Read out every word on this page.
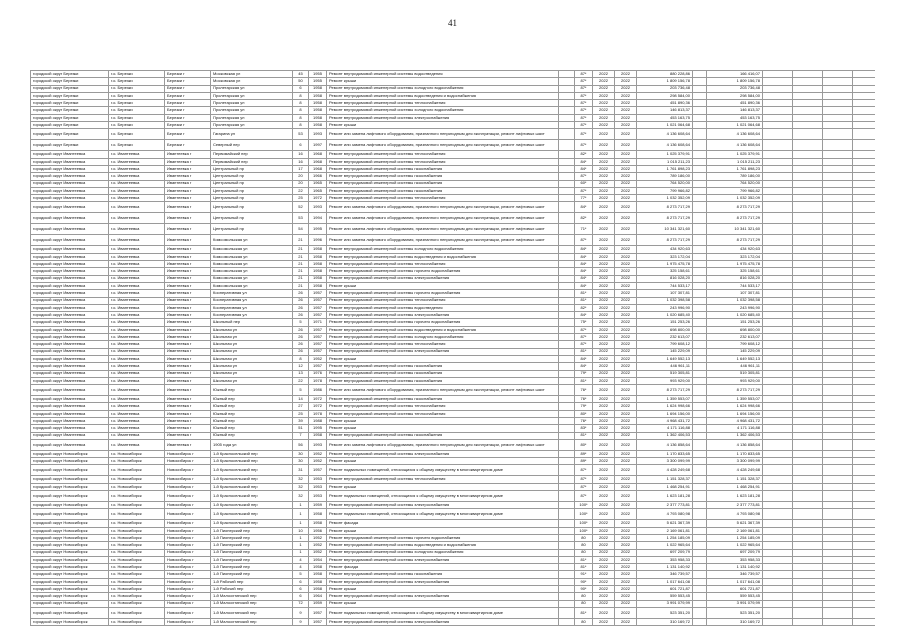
41
городской округ Березки	г.о. Березки	Березки г	Московская ул	45	1955	Ремонт внутридомовой инженерной системы водоотведения		87*	2022	2022	880 228,86		166 416,07				
городской округ Березки	г.о. Березки	Березки г	Московская ул	50	1955	Ремонт крыши		87*	2022	2022	1 809 156,78		1 809 156,78				
городской округ Березки	г.о. Березки	Березки г	Пролетарская ул	6	1958	Ремонт внутридомовой инженерной системы холодного водоснабжения		87*	2022	2022	203 736,48		203 736,48				
городской округ Березки	г.о. Березки	Березки г	Пролетарская ул	8	1958	Ремонт внутридомовой инженерной системы водоотведения и водоснабжения		87*	2022	2022	298 584,00		298 584,00				
городской округ Березки	г.о. Березки	Березки г	Пролетарская ул	8	1958	Ремонт внутридомовой инженерной системы теплоснабжения		87*	2022	2022	451 890,36		451 890,36				
городской округ Березки	г.о. Березки	Березки г	Пролетарская ул	8	1958	Ремонт внутридомовой инженерной системы холодного водоснабжения		87*	2022	2022	146 813,37		146 813,37				
городской округ Березки	г.о. Березки	Березки г	Пролетарская ул	8	1958	Ремонт внутридомовой инженерной системы электроснабжения		87*	2022	2022	453 163,75		453 163,75				
городской округ Березки	г.о. Березки	Березки г	Пролетарская ул	8	1958	Ремонт крыши		87*	2022	2022	1 021 064,68		1 021 064,68				
городской округ Березки	г.о. Березки	Березки г	Гагарина ул	53	1993	Ремонт или замена лифтового оборудования, признанного непригодным для эксплуатации, ремонт лифтовых шахт		87*	2022	2022	4 136 608,64		4 136 608,64				
городской округ Березки	г.о. Березки	Березки г	Северный пер	6	1997	Ремонт или замена лифтового оборудования, признанного непригодным для эксплуатации, ремонт лифтовых шахт		87*	2022	2022	4 136 608,64		4 136 608,64				
городской округ Ивантеевка	г.о. Ивантеевка	Ивантеевка г	Первомайский пер	16	1968	Ремонт внутридомовой инженерной системы теплоснабжения		82*	2022	2022	1 025 379,91		1 025 379,91				
городской округ Ивантеевка	г.о. Ивантеевка	Ивантеевка г	Первомайский пер	16	1968	Ремонт внутридомовой инженерной системы теплоснабжения		84*	2022	2022	1 015 211,23		1 015 211,23				
городской округ Ивантеевка	г.о. Ивантеевка	Ивантеевка г	Центральный пр	17	1968	Ремонт внутридомовой инженерной системы газоснабжения		84*	2022	2022	1 761 898,23		1 761 898,23				
городской округ Ивантеевка	г.о. Ивантеевка	Ивантеевка г	Центральный пр	20	1966	Ремонт внутридомовой инженерной системы газоснабжения		87*	2022	2022	789 186,00		789 186,00				
городской округ Ивантеевка	г.о. Ивантеевка	Ивантеевка г	Центральный пр	20	1965	Ремонт внутридомовой инженерной системы газоснабжения		60*	2022	2022	764 520,00		764 520,00				
городской округ Ивантеевка	г.о. Ивантеевка	Ивантеевка г	Центральный пр	22	1965	Ремонт внутридомовой инженерной системы газоснабжения		87*	2022	2022	799 966,82		799 966,82				
городской округ Ивантеевка	г.о. Ивантеевка	Ивантеевка г	Центральный пр	25	1972	Ремонт внутридомовой инженерной системы теплоснабжения		77*	2022	2022	1 032 352,09		1 032 352,09				
городской округ Ивантеевка	г.о. Ивантеевка	Ивантеевка г	Центральный пр	52	1993	Ремонт или замена лифтового оборудования, признанного непригодным для эксплуатации, ремонт лифтовых шахт		84*	2022	2022	8 273 717,29		8 273 717,29				
городской округ Ивантеевка	г.о. Ивантеевка	Ивантеевка г	Центральный пр	53	1994	Ремонт или замена лифтового оборудования, признанного непригодным для эксплуатации, ремонт лифтовых шахт		82*	2022	2022	8 273 717,29		8 273 717,29				
городской округ Ивантеевка	г.о. Ивантеевка	Ивантеевка г	Центральный пр	54	1995	Ремонт или замена лифтового оборудования, признанного непригодным для эксплуатации, ремонт лифтовых шахт		71*	2022	2022	10 341 321,60		10 341 321,60				
городской округ Ивантеевка	г.о. Ивантеевка	Ивантеевка г	Комсомольская ул	21	1996	Ремонт или замена лифтового оборудования, признанного непригодным для эксплуатации, ремонт лифтовых шахт		87*	2022	2022	8 273 717,29		8 273 717,29				
городской округ Ивантеевка	г.о. Ивантеевка	Ивантеевка г	Комсомольская ул	21	1958	Ремонт внутридомовой инженерной системы холодного водоснабжения		84*	2022	2022	434 920,63		434 920,63				
городской округ Ивантеевка	г.о. Ивантеевка	Ивантеевка г	Комсомольская ул	21	1958	Ремонт внутридомовой инженерной системы водоотведения и водоснабжения		84*	2022	2022	323 172,04		323 172,04				
городской округ Ивантеевка	г.о. Ивантеевка	Ивантеевка г	Комсомольская ул	21	1958	Ремонт внутридомовой инженерной системы теплоснабжения		84*	2022	2022	1 975 475,78		1 975 475,78				
городской округ Ивантеевка	г.о. Ивантеевка	Ивантеевка г	Комсомольская ул	21	1958	Ремонт внутридомовой инженерной системы горячего водоснабжения		84*	2022	2022	325 158,61		325 158,61				
городской округ Ивантеевка	г.о. Ивантеевка	Ивантеевка г	Комсомольская ул	21	1958	Ремонт внутридомовой инженерной системы электроснабжения		84*	2022	2022	816 028,20		816 028,20				
городской округ Ивантеевка	г.о. Ивантеевка	Ивантеевка г	Комсомольская ул	21	1958	Ремонт крыши		84*	2022	2022	744 533,17		744 533,17				
городской округ Ивантеевка	г.о. Ивантеевка	Ивантеевка г	Кооперативная ул	26	1957	Ремонт внутридомовой инженерной системы горячего водоснабжения		81*	2022	2022	107 307,81		107 307,81				
городской округ Ивантеевка	г.о. Ивантеевка	Ивантеевка г	Кооперативная ул	26	1957	Ремонт внутридомовой инженерной системы теплоснабжения		81*	2022	2022	1 032 398,58		1 032 398,58				
городской округ Ивантеевка	г.о. Ивантеевка	Ивантеевка г	Кооперативная ул	26	1957	Ремонт внутридомовой инженерной системы водоотведения		82*	2022	2022	243 996,90		243 996,90				
городской округ Ивантеевка	г.о. Ивантеевка	Ивантеевка г	Кооперативная ул	26	1957	Ремонт внутридомовой инженерной системы электроснабжения		84*	2022	2022	1 020 685,40		1 020 685,40				
городской округ Ивантеевка	г.о. Ивантеевка	Ивантеевка г	Школьный пер	5	1971	Ремонт внутридомовой инженерной системы горячего водоснабжения		75*	2022	2022	151 253,26		151 253,26				
городской округ Ивантеевка	г.о. Ивантеевка	Ивантеевка г	Школьная ул	26	1957	Ремонт внутридомовой инженерной системы водоотведения и водоснабжения		87*	2022	2022	698 800,00		698 800,00				
городской округ Ивантеевка	г.о. Ивантеевка	Ивантеевка г	Школьная ул	26	1957	Ремонт внутридомовой инженерной системы холодного водоснабжения		87*	2022	2022	232 613,07		232 613,07				
городской округ Ивантеевка	г.о. Ивантеевка	Ивантеевка г	Школьная ул	26	1957	Ремонт внутридомовой инженерной системы теплоснабжения		87*	2022	2022	799 608,12		799 608,12				
городской округ Ивантеевка	г.о. Ивантеевка	Ивантеевка г	Школьная ул	26	1957	Ремонт внутридомовой инженерной системы электроснабжения		81*	2022	2022	145 229,09		145 229,09				
городской округ Ивантеевка	г.о. Ивантеевка	Ивантеевка г	Школьная ул	8	1952	Ремонт крыши		84*	2022	2022	1 649 552,13		1 649 552,13				
городской округ Ивантеевка	г.о. Ивантеевка	Ивантеевка г	Школьная ул	12	1957	Ремонт внутридомовой инженерной системы газоснабжения		84*	2022	2022	446 961,11		446 961,11				
городской округ Ивантеевка	г.о. Ивантеевка	Ивантеевка г	Школьная ул	13	1976	Ремонт внутридомовой инженерной системы газоснабжения		79*	2022	2022	519 305,81		519 305,81				
городской округ Ивантеевка	г.о. Ивантеевка	Ивантеевка г	Школьная ул	22	1978	Ремонт внутридомовой инженерной системы газоснабжения		81*	2022	2022	993 929,00		993 929,00				
городской округ Ивантеевка	г.о. Ивантеевка	Ивантеевка г	Южный пер	5	1986	Ремонт или замена лифтового оборудования, признанного непригодным для эксплуатации, ремонт лифтовых шахт		76*	2022	2022	8 273 717,29		8 273 717,29				
городской округ Ивантеевка	г.о. Ивантеевка	Ивантеевка г	Южный пер	14	1972	Ремонт внутридомовой инженерной системы газоснабжения		76*	2022	2022	1 359 553,07		1 359 553,07				
городской округ Ивантеевка	г.о. Ивантеевка	Ивантеевка г	Южный пер	27	1972	Ремонт внутридомовой инженерной системы теплоснабжения		79*	2022	2022	1 624 998,66		1 624 998,66				
городской округ Ивантеевка	г.о. Ивантеевка	Ивантеевка г	Южный пер	25	1978	Ремонт внутридомовой инженерной системы теплоснабжения		80*	2022	2022	1 694 156,00		1 694 156,00				
городской округ Ивантеевка	г.о. Ивантеевка	Ивантеевка г	Южный пер	39	1988	Ремонт крыши		76*	2022	2022	4 968 431,72		4 968 431,72				
городской округ Ивантеевка	г.о. Ивантеевка	Ивантеевка г	Южный пер	51	1995	Ремонт крыши		83*	2022	2022	4 171 116,88		4 171 116,88				
городской округ Ивантеевка	г.о. Ивантеевка	Ивантеевка г	Южный пер	7	1958	Ремонт внутридомовой инженерной системы газоснабжения		81*	2022	2022	1 362 406,53		1 362 406,53				
городской округ Ивантеевка	г.о. Ивантеевка	Ивантеевка г	1905 года ул	56	1993	Ремонт или замена лифтового оборудования, признанного непригодным для эксплуатации, ремонт лифтовых шахт		80*	2022	2022	4 136 858,64		4 136 858,64				
городской округ Новосибирск	г.о. Новосибирск	Новосибирск г	1-й Красносельский пер	30	1952	Ремонт внутридомовой инженерной системы электроснабжения		89*	2022	2022	1 170 833,65		1 170 833,65				
городской округ Новосибирск	г.о. Новосибирск	Новосибирск г	1-й Красносельский пер	30	1952	Ремонт крыши		89*	2022	2022	3 300 099,99		3 300 099,99				
городской округ Новосибирск	г.о. Новосибирск	Новосибирск г	1-й Красносельский пер	31	1957	Ремонт подвальных помещений, относящихся к общему имуществу в многоквартирном доме		87*	2022	2022	4 428 249,68		4 428 249,68				
городской округ Новосибирск	г.о. Новосибирск	Новосибирск г	1-й Красносельский пер	32	1953	Ремонт внутридомовой инженерной системы теплоснабжения		87*	2022	2022	1 151 328,37		1 151 328,37				
городской округ Новосибирск	г.о. Новосибирск	Новосибирск г	1-й Красносельский пер	32	1953	Ремонт крыши		87*	2022	2022	1 468 254,91		1 468 254,91				
городской округ Новосибирск	г.о. Новосибирск	Новосибирск г	1-й Красносельский пер	32	1953	Ремонт подвальных помещений, относящихся к общему имуществу в многоквартирном доме		87*	2022	2022	1 623 181,28		1 623 181,28				
городской округ Новосибирск	г.о. Новосибирск	Новосибирск г	1-й Красносельский пер	1	1959	Ремонт внутридомовой инженерной системы электроснабжения		100*	2022	2022	2 377 773,81		2 377 773,81				
городской округ Новосибирск	г.о. Новосибирск	Новосибирск г	1-й Красносельский пер	1	1958	Ремонт подвальных помещений, относящихся к общему имуществу в многоквартирном доме		100*	2022	2022	4 793 080,98		4 793 080,98				
городской округ Новосибирск	г.о. Новосибирск	Новосибирск г	1-й Красносельский пер	1	1958	Ремонт фасада		100*	2022	2022	5 621 367,39		5 621 367,39				
городской округ Новосибирск	г.о. Новосибирск	Новосибирск г	1-й Пионерский пер	10	1956	Ремонт крыши		100*	2022	2022	2 169 061,81		2 169 061,81				
городской округ Новосибирск	г.о. Новосибирск	Новосибирск г	1-й Пионерский пер	1	1952	Ремонт внутридомовой инженерной системы горячего водоснабжения		80	2022	2022	1 254 185,09		1 254 185,09				
городской округ Новосибирск	г.о. Новосибирск	Новосибирск г	1-й Пионерский пер	1	1952	Ремонт внутридомовой инженерной системы водоотведения и водоснабжения		80	2022	2022	1 022 965,64		1 022 965,64				
городской округ Новосибирск	г.о. Новосибирск	Новосибирск г	1-й Пионерский пер	1	1952	Ремонт внутридомовой инженерной системы холодного водоснабжения		80	2022	2022	697 209,79		697 209,79				
городской округ Новосибирск	г.о. Новосибирск	Новосибирск г	1-й Пионерский пер	4	1954	Ремонт внутридомовой инженерной системы электроснабжения		81*	2022	2022	353 958,33		353 958,33				
городской округ Новосибирск	г.о. Новосибирск	Новосибирск г	1-й Пионерский пер	4	1958	Ремонт фасада		81*	2022	2022	1 131 140,92		1 131 140,92				
городской округ Новосибирск	г.о. Новосибирск	Новосибирск г	1-й Пионерский пер	5	1958	Ремонт внутридомовой инженерной системы газоснабжения		91*	2022	2022	346 739,57		346 739,57				
городской округ Новосибирск	г.о. Новосибирск	Новосибирск г	1-й Рабочий пер	6	1958	Ремонт внутридомовой инженерной системы электроснабжения		90*	2022	2022	1 017 641,08		1 017 641,08				
городской округ Новосибирск	г.о. Новосибирск	Новосибирск г	1-й Рабочий пер	6	1958	Ремонт крыши		90*	2022	2022	601 721,87		601 721,87				
городской округ Новосибирск	г.о. Новосибирск	Новосибирск г	1-й Малоохтинский пер	6	1964	Ремонт внутридомовой инженерной системы электроснабжения		80	2022	2022	559 553,45		559 553,45				
городской округ Новосибирск	г.о. Новосибирск	Новосибирск г	1-й Малоохтинский пер	72	1959	Ремонт крыши		80	2022	2022	3 991 079,99		3 991 079,99				
городской округ Новосибирск	г.о. Новосибирск	Новосибирск г	1-й Малоохтинский пер	9	1957	Ремонт подвальных помещений, относящихся к общему имуществу в многоквартирном доме		81*	2022	2022	523 351,20		523 351,20				
городской округ Новосибирск	г.о. Новосибирск	Новосибирск г	1-й Малоохтинский пер	9	1957	Ремонт внутридомовой инженерной системы электроснабжения		80	2022	2022	310 169,72		310 169,72				
